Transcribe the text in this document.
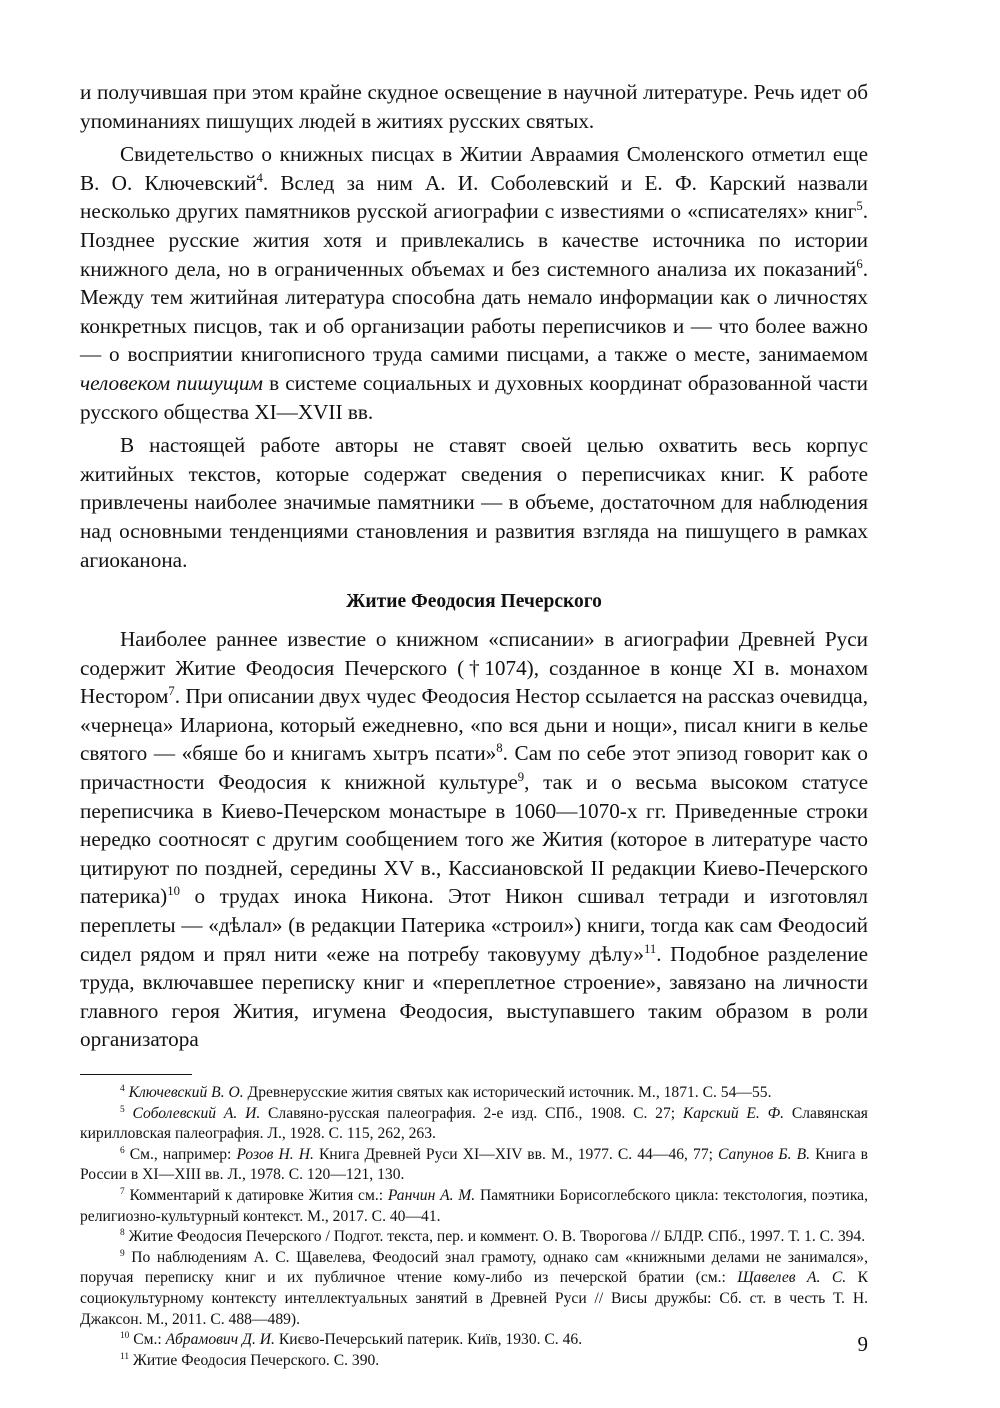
и получившая при этом крайне скудное освещение в научной литературе. Речь идет об упоминаниях пишущих людей в житиях русских святых.

Свидетельство о книжных писцах в Житии Авраамия Смоленского отметил еще В. О. Ключевский$^4$. Вслед за ним А. И. Соболевский и Е. Ф. Карский назвали несколько других памятников русской агиографии с известиями о «списателях» книг$^5$. Позднее русские жития хотя и привлекались в качестве источника по истории книжного дела, но в ограниченных объемах и без системного анализа их показаний$^6$. Между тем житийная литература способна дать немало информации как о личностях конкретных писцов, так и об организации работы переписчиков и — что более важно — о восприятии книгописного труда самими писцами, а также о месте, занимаемом человеком пишущим в системе социальных и духовных координат образованной части русского общества XI—XVII вв.

В настоящей работе авторы не ставят своей целью охватить весь корпус житийных текстов, которые содержат сведения о переписчиках книг. К работе привлечены наиболее значимые памятники — в объеме, достаточном для наблюдения над основными тенденциями становления и развития взгляда на пишущего в рамках агиоканона.

Житие Феодосия Печерского

Наиболее раннее известие о книжном «списании» в агиографии Древней Руси содержит Житие Феодосия Печерского (†1074), созданное в конце XI в. монахом Нестором$^7$. При описании двух чудес Феодосия Нестор ссылается на рассказ очевидца, «чернеца» Илариона, который ежедневно, «по вся дьни и нощи», писал книги в келье святого — «бяше бо и книгамъ хытръ псати»$^8$. Сам по себе этот эпизод говорит как о причастности Феодосия к книжной культуре$^9$, так и о весьма высоком статусе переписчика в Киево-Печерском монастыре в 1060—1070-х гг. Приведенные строки нередко соотносят с другим сообщением того же Жития (которое в литературе часто цитируют по поздней, середины XV в., Кассиановской II редакции Киево-Печерского патерика)$^{10}$ о трудах инока Никона. Этот Никон сшивал тетради и изготовлял переплеты — «дѣлал» (в редакции Патерика «строил») книги, тогда как сам Феодосий сидел рядом и прял нити «еже на потребу таковууму дѣлу»$^{11}$. Подобное разделение труда, включавшее переписку книг и «переплетное строение», завязано на личности главного героя Жития, игумена Феодосия, выступавшего таким образом в роли организатора

$^4$ Ключевский В. О. Древнерусские жития святых как исторический источник. М., 1871. С. 54—55.

$^5$ Соболевский А. И. Славяно-русская палеография. 2-е изд. СПб., 1908. С. 27; Карский Е. Ф. Славянская кирилловская палеография. Л., 1928. С. 115, 262, 263.

$^6$ См., например: Розов Н. Н. Книга Древней Руси XI—XIV вв. М., 1977. С. 44—46, 77; Сапунов Б. В. Книга в России в XI—XIII вв. Л., 1978. С. 120—121, 130.

$^7$ Комментарий к датировке Жития см.: Ранчин А. М. Памятники Борисоглебского цикла: текстология, поэтика, религиозно-культурный контекст. М., 2017. С. 40—41.

$^8$ Житие Феодосия Печерского / Подгот. текста, пер. и коммент. О. В. Творогова // БЛДР. СПб., 1997. Т. 1. С. 394.

$^9$ По наблюдениям А. С. Щавелева, Феодосий знал грамоту, однако сам «книжными делами не занимался», поручая переписку книг и их публичное чтение кому-либо из печерской братии (см.: Щавелев А. С. К социокультурному контексту интеллектуальных занятий в Древней Руси // Висы дружбы: Сб. ст. в честь Т. Н. Джаксон. М., 2011. С. 488—489).

$^{10}$ См.: Абрамович Д. И. Києво-Печерський патерик. Київ, 1930. С. 46.

$^{11}$ Житие Феодосия Печерского. С. 390.

9
